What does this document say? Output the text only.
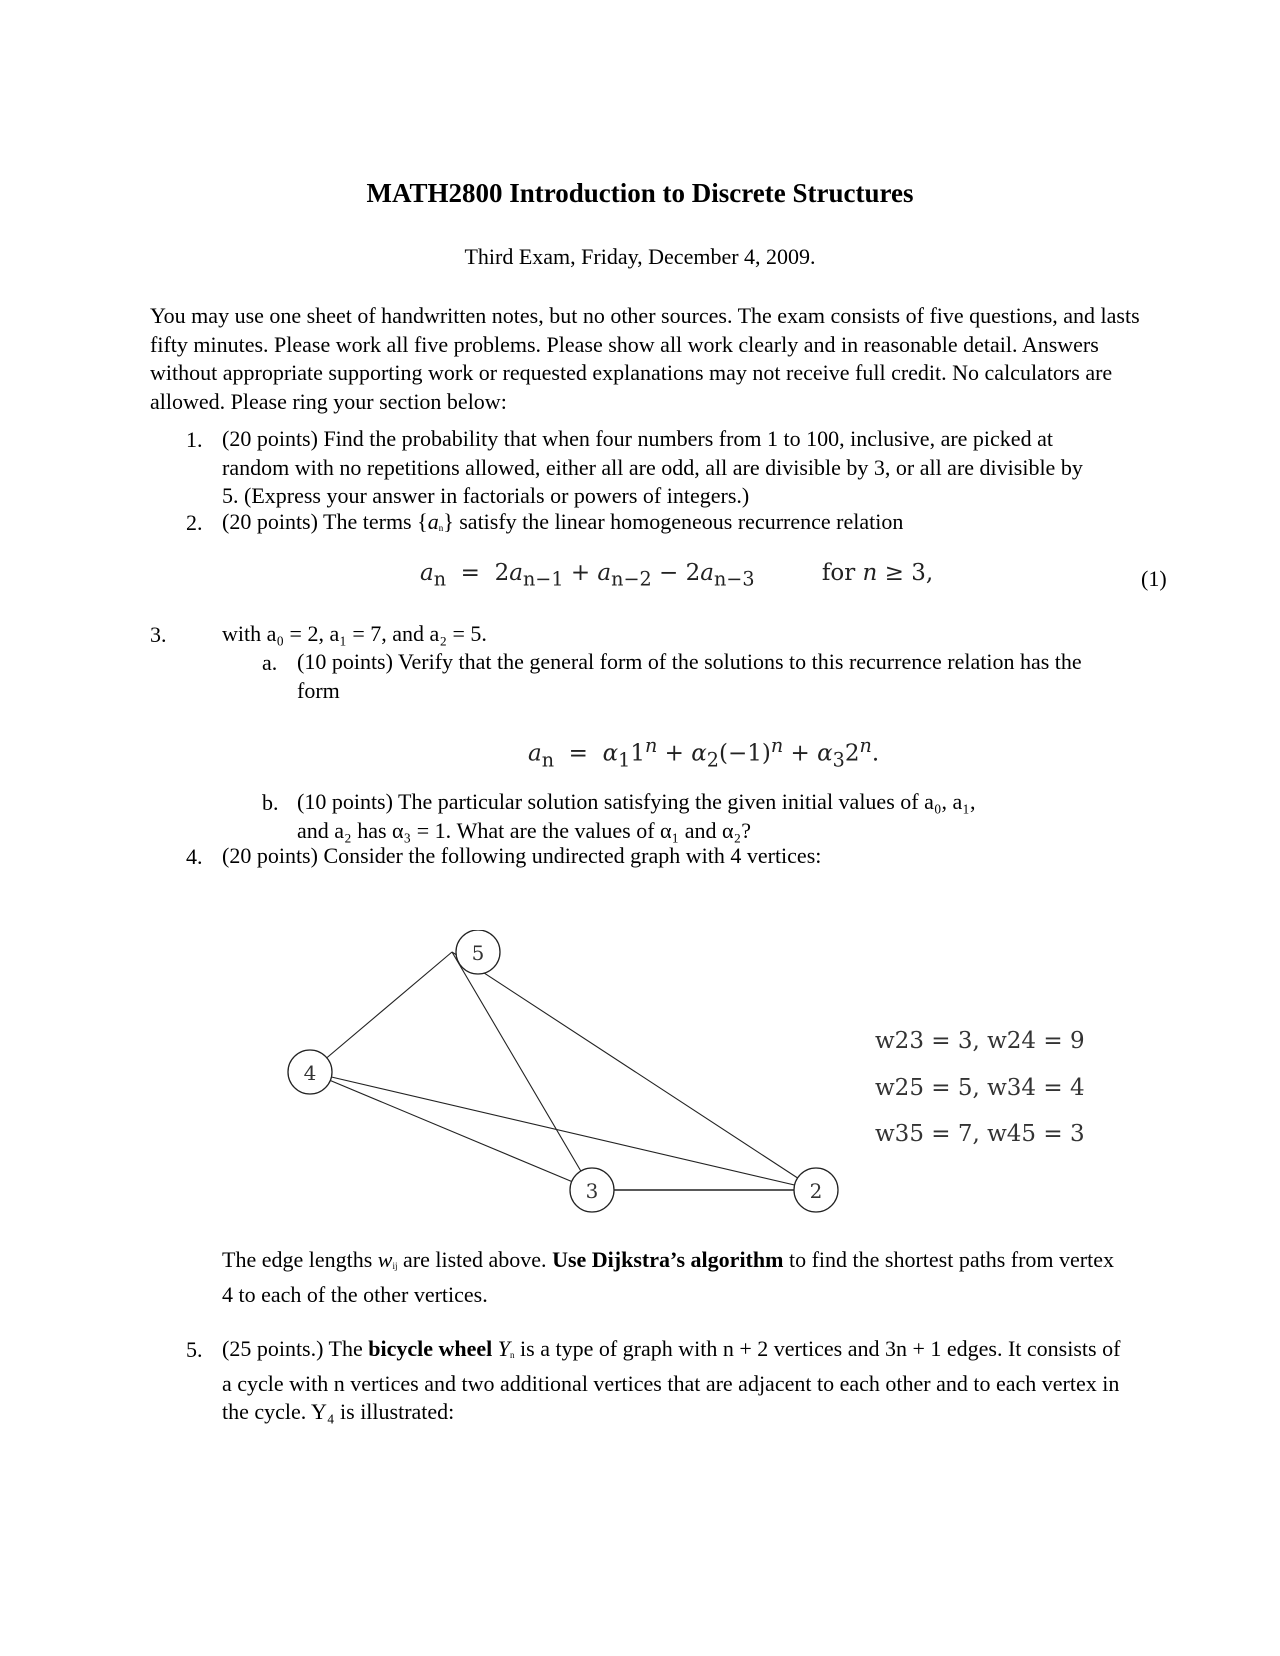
MATH2800 Introduction to Discrete Structures
Third Exam, Friday, December 4, 2009.
You may use one sheet of handwritten notes, but no other sources. The exam consists of five questions, and lasts fifty minutes. Please work all five problems. Please show all work clearly and in reasonable detail. Answers without appropriate supporting work or requested explanations may not receive full credit. No calculators are allowed. Please ring your section below:
1. (20 points) Find the probability that when four numbers from 1 to 100, inclusive, are picked at random with no repetitions allowed, either all are odd, all are divisible by 3, or all are divisible by 5. (Express your answer in factorials or powers of integers.)
2. (20 points) The terms $\{a_n\}$ satisfy the linear homogeneous recurrence relation
$a_n = 2a_{n-1} + a_{n-2} - 2a_{n-3}$	for n ≥ 3,	(1)
3.	with a₀ = 2, a₁ = 7, and a₂ = 5.
a. (10 points) Verify that the general form of the solutions to this recurrence relation has the form
$a_n = \alpha_11^n + \alpha_2(-1)^n + \alpha_32^n$.
b. (10 points) The particular solution satisfying the given initial values of a₀, a₁,
and a₂ has α₃ = 1. What are the values of α₁ and α₂?
4. (20 points) Consider the following undirected graph with 4 vertices:
5
4
3	2
w23 = 3, w24 = 9
w25 = 5, w34 = 4
w35 = 7, w45 = 3
The edge lengths $w_{ij}$ are listed above. Use Dijkstra’s algorithm to find the shortest paths from vertex 4 to each of the other vertices.
5. (25 points.) The bicycle wheel $Y_n$ is a type of graph with n + 2 vertices and 3n + 1 edges. It consists of a cycle with n vertices and two additional vertices that are adjacent to each other and to each vertex in the cycle. Y₄ is illustrated:
